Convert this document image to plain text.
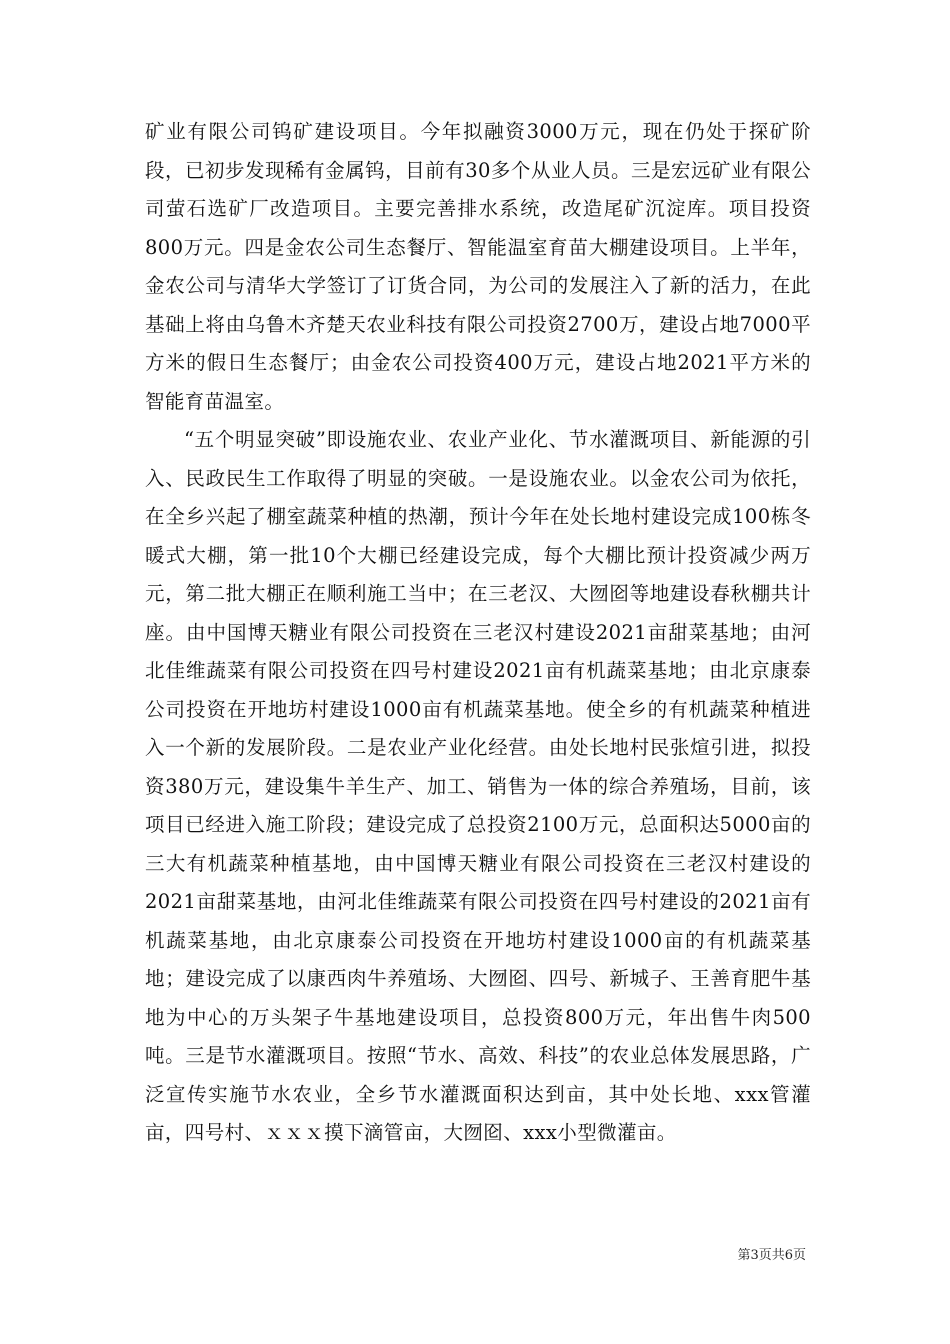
矿业有限公司钨矿建设项目。今年拟融资3000万元，现在仍处于探矿阶段，已初步发现稀有金属钨，目前有30多个从业人员。三是宏远矿业有限公司萤石选矿厂改造项目。主要完善排水系统，改造尾矿沉淀库。项目投资800万元。四是金农公司生态餐厅、智能温室育苗大棚建设项目。上半年，金农公司与清华大学签订了订货合同，为公司的发展注入了新的活力，在此基础上将由乌鲁木齐楚天农业科技有限公司投资2700万，建设占地7000平方米的假日生态餐厅；由金农公司投资400万元，建设占地2021平方米的智能育苗温室。

“五个明显突破”即设施农业、农业产业化、节水灌溉项目、新能源的引入、民政民生工作取得了明显的突破。一是设施农业。以金农公司为依托，在全乡兴起了棚室蔬菜种植的热潮，预计今年在处长地村建设完成100栋冬暖式大棚，第一批10个大棚已经建设完成，每个大棚比预计投资减少两万元，第二批大棚正在顺利施工当中；在三老汉、大囫囵等地建设春秋棚共计座。由中国博天糖业有限公司投资在三老汉村建设2021亩甜菜基地；由河北佳维蔬菜有限公司投资在四号村建设2021亩有机蔬菜基地；由北京康泰公司投资在开地坊村建设1000亩有机蔬菜基地。使全乡的有机蔬菜种植进入一个新的发展阶段。二是农业产业化经营。由处长地村民张煊引进，拟投资380万元，建设集牛羊生产、加工、销售为一体的综合养殖场，目前，该项目已经进入施工阶段；建设完成了总投资2100万元，总面积达5000亩的三大有机蔬菜种植基地，由中国博天糖业有限公司投资在三老汉村建设的2021亩甜菜基地，由河北佳维蔬菜有限公司投资在四号村建设的2021亩有机蔬菜基地，由北京康泰公司投资在开地坊村建设1000亩的有机蔬菜基地；建设完成了以康西肉牛养殖场、大囫囵、四号、新城子、王善育肥牛基地为中心的万头架子牛基地建设项目，总投资800万元，年出售牛肉500吨。三是节水灌溉项目。按照“节水、高效、科技”的农业总体发展思路，广泛宣传实施节水农业，全乡节水灌溉面积达到亩，其中处长地、xxx管灌亩，四号村、ｘｘｘ摸下滴管亩，大囫囵、xxx小型微灌亩。

第3页共6页
